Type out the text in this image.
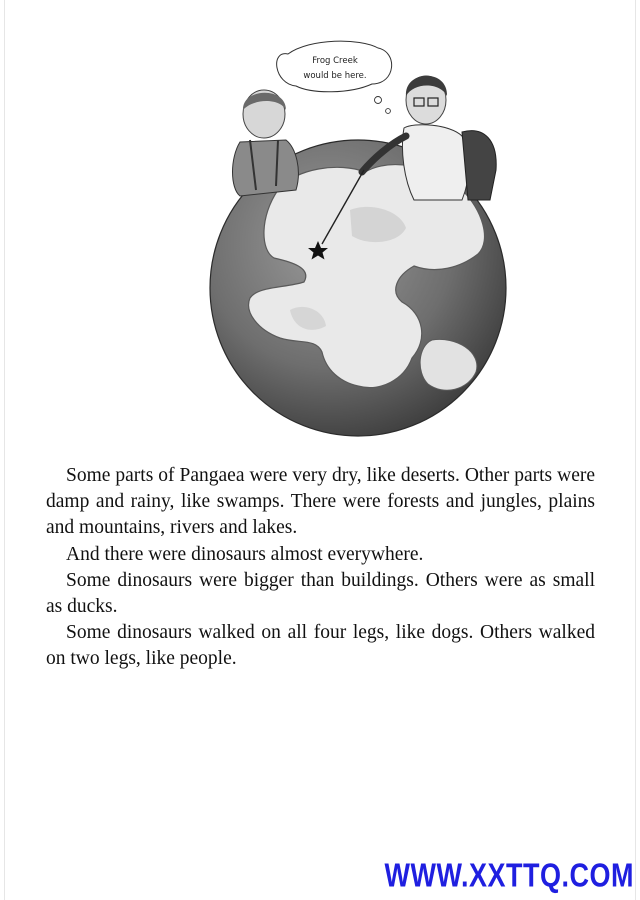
Frog Creek
would be here.

Some parts of Pangaea were very dry, like deserts. Other parts were damp and rainy, like swamps. There were forests and jungles, plains and mountains, rivers and lakes.

And there were dinosaurs almost everywhere.

Some dinosaurs were bigger than buildings. Others were as small as ducks.

Some dinosaurs walked on all four legs, like dogs. Others walked on two legs, like people.

WWW.XXTTQ.COM
